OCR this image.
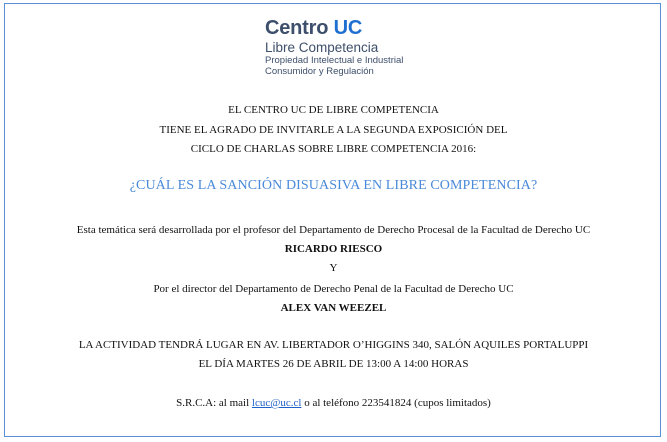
Centro UC
Libre Competencia
Propiedad Intelectual e Industrial
Consumidor y Regulación
EL CENTRO UC DE LIBRE COMPETENCIA
TIENE EL AGRADO DE INVITARLE A LA SEGUNDA EXPOSICIÓN DEL
CICLO DE CHARLAS SOBRE LIBRE COMPETENCIA 2016:
¿CUÁL ES LA SANCIÓN DISUASIVA EN LIBRE COMPETENCIA?
Esta temática será desarrollada por el profesor del Departamento de Derecho Procesal de la Facultad de Derecho UC
RICARDO RIESCO
Y
Por el director del Departamento de Derecho Penal de la Facultad de Derecho UC
ALEX VAN WEEZEL
LA ACTIVIDAD TENDRÁ LUGAR EN AV. LIBERTADOR O’HIGGINS 340, SALÓN AQUILES PORTALUPPI
EL DÍA MARTES 26 DE ABRIL DE 13:00 A 14:00 HORAS
S.R.C.A: al mail lcuc@uc.cl o al teléfono 223541824 (cupos limitados)
